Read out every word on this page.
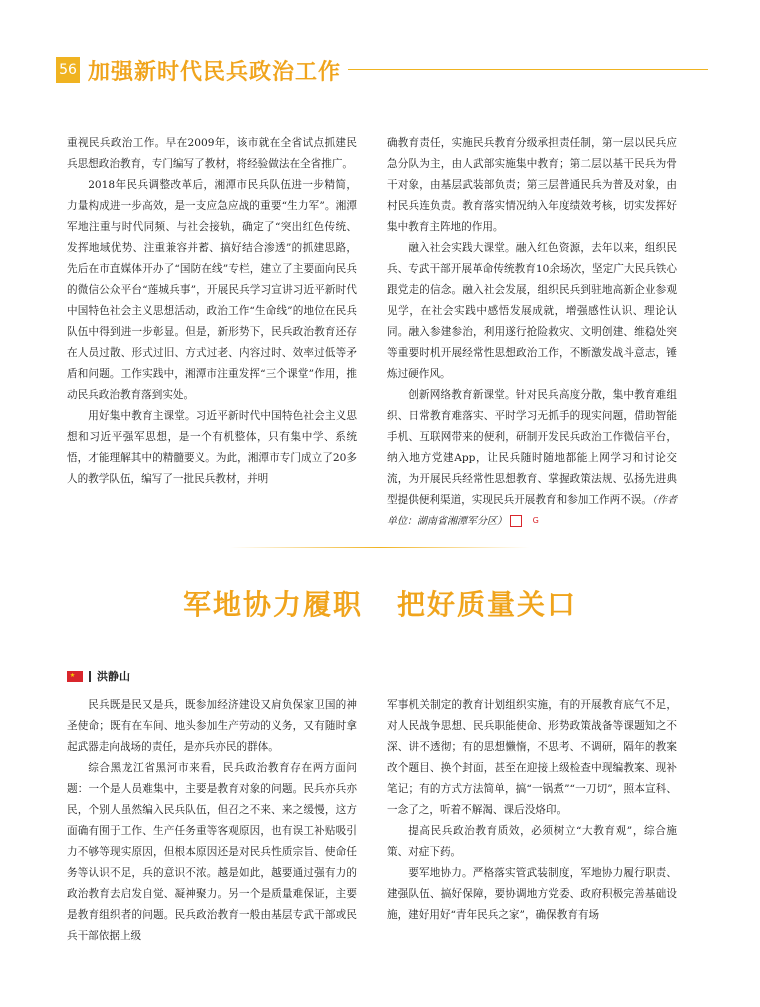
56 加强新时代民兵政治工作

重视民兵政治工作。早在2009年，该市就在全省试点抓建民兵思想政治教育，专门编写了教材，将经验做法在全省推广。

2018年民兵调整改革后，湘潭市民兵队伍进一步精简，力量构成进一步高效，是一支应急应战的重要“生力军”。湘潭军地注重与时代同频、与社会接轨，确定了“突出红色传统、发挥地域优势、注重兼容并蓄、搞好结合渗透”的抓建思路，先后在市直媒体开办了“国防在线”专栏，建立了主要面向民兵的微信公众平台“莲城兵事”，开展民兵学习宣讲习近平新时代中国特色社会主义思想活动，政治工作“生命线”的地位在民兵队伍中得到进一步彰显。但是，新形势下，民兵政治教育还存在人员过散、形式过旧、方式过老、内容过时、效率过低等矛盾和问题。工作实践中，湘潭市注重发挥“三个课堂”作用，推动民兵政治教育落到实处。

用好集中教育主课堂。习近平新时代中国特色社会主义思想和习近平强军思想，是一个有机整体，只有集中学、系统悟，才能理解其中的精髓要义。为此，湘潭市专门成立了20多人的教学队伍，编写了一批民兵教材，并明

确教育责任，实施民兵教育分级承担责任制，第一层以民兵应急分队为主，由人武部实施集中教育；第二层以基干民兵为骨干对象，由基层武装部负责；第三层普通民兵为普及对象，由村民兵连负责。教育落实情况纳入年度绩效考核，切实发挥好集中教育主阵地的作用。

融入社会实践大课堂。融入红色资源，去年以来，组织民兵、专武干部开展革命传统教育10余场次，坚定广大民兵铁心跟党走的信念。融入社会发展，组织民兵到驻地高新企业参观见学，在社会实践中感悟发展成就，增强感性认识、理论认同。融入参建参治，利用遂行抢险救灾、文明创建、维稳处突等重要时机开展经常性思想政治工作，不断激发战斗意志，锤炼过硬作风。

创新网络教育新课堂。针对民兵高度分散，集中教育难组织、日常教育难落实、平时学习无抓手的现实问题，借助智能手机、互联网带来的便利，研制开发民兵政治工作微信平台，纳入地方党建App，让民兵随时随地都能上网学习和讨论交流，为开展民兵经常性思想教育、掌握政策法规、弘扬先进典型提供便利渠道，实现民兵开展教育和参加工作两不误。（作者单位：湖南省湘潭军分区）	G

军地协力履职 把好质量关口
洪静山

民兵既是民又是兵，既参加经济建设又肩负保家卫国的神圣使命；既有在车间、地头参加生产劳动的义务，又有随时拿起武器走向战场的责任，是亦兵亦民的群体。

综合黑龙江省黑河市来看，民兵政治教育存在两方面问题：一个是人员难集中，主要是教育对象的问题。民兵亦兵亦民，个别人虽然编入民兵队伍，但召之不来、来之缓慢，这方面确有囿于工作、生产任务重等客观原因，也有误工补贴吸引力不够等现实原因，但根本原因还是对民兵性质宗旨、使命任务等认识不足，兵的意识不浓。越是如此，越要通过强有力的政治教育去启发自觉、凝神聚力。另一个是质量难保证，主要是教育组织者的问题。民兵政治教育一般由基层专武干部或民兵干部依据上级

军事机关制定的教育计划组织实施，有的开展教育底气不足，对人民战争思想、民兵职能使命、形势政策战备等课题知之不深、讲不透彻；有的思想懒惰，不思考、不调研，隔年的教案改个题目、换个封面，甚至在迎接上级检查中现编教案、现补笔记；有的方式方法简单，搞“一锅煮”“一刀切”，照本宣科、一念了之，听着不解渴、课后没烙印。

提高民兵政治教育质效，必须树立“大教育观”，综合施策、对症下药。

要军地协力。严格落实管武装制度，军地协力履行职责、建强队伍、搞好保障，要协调地方党委、政府积极完善基础设施，建好用好“青年民兵之家”，确保教育有场
